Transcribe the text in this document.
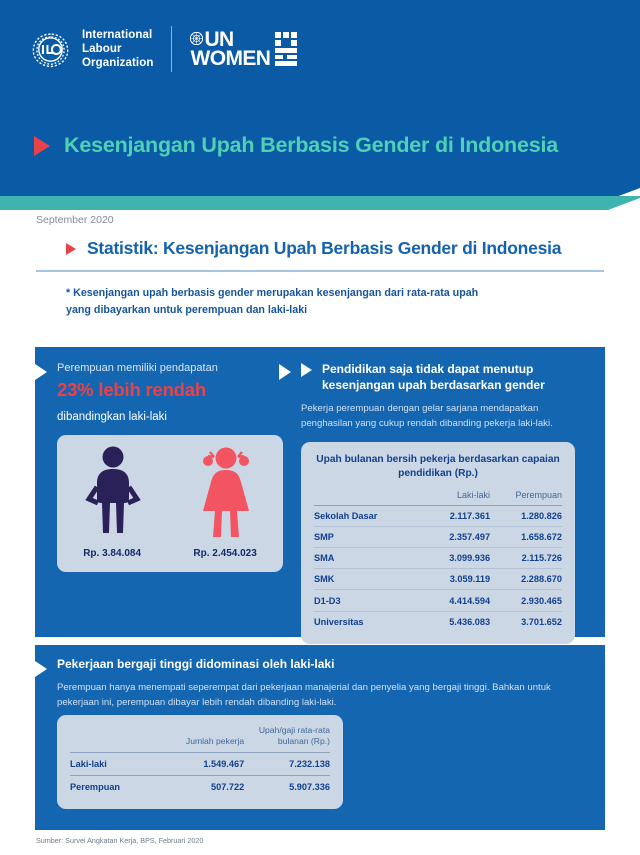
International
Labour
Organization
UN
WOMEN
Kesenjangan Upah Berbasis Gender di Indonesia
September 2020
Statistik: Kesenjangan Upah Berbasis Gender di Indonesia
* Kesenjangan upah berbasis gender merupakan kesenjangan dari rata-rata upah yang dibayarkan untuk perempuan dan laki-laki
Perempuan memiliki pendapatan
23% lebih rendah
dibandingkan laki-laki
Rp. 3.84.084	Rp. 2.454.023
Pendidikan saja tidak dapat menutup kesenjangan upah berdasarkan gender
Pekerja perempuan dengan gelar sarjana mendapatkan penghasilan yang cukup rendah dibanding pekerja laki-laki.
Upah bulanan bersih pekerja berdasarkan capaian pendidikan (Rp.)
	Laki-laki	Perempuan
Sekolah Dasar	2.117.361	1.280.826
SMP	2.357.497	1.658.672
SMA	3.099.936	2.115.726
SMK	3.059.119	2.288.670
D1-D3	4.414.594	2.930.465
Universitas	5.436.083	3.701.652
Pekerjaan bergaji tinggi didominasi oleh laki-laki
Perempuan hanya menempati seperempat dari pekerjaan manajerial dan penyelia yang bergaji tinggi. Bahkan untuk pekerjaan ini, perempuan dibayar lebih rendah dibanding laki-laki.
	Jumlah pekerja	Upah/gaji rata-rata bulanan (Rp.)
Laki-laki	1.549.467	7.232.138
Perempuan	507.722	5.907.336
Sumber: Survei Angkatan Kerja, BPS, Februari 2020
